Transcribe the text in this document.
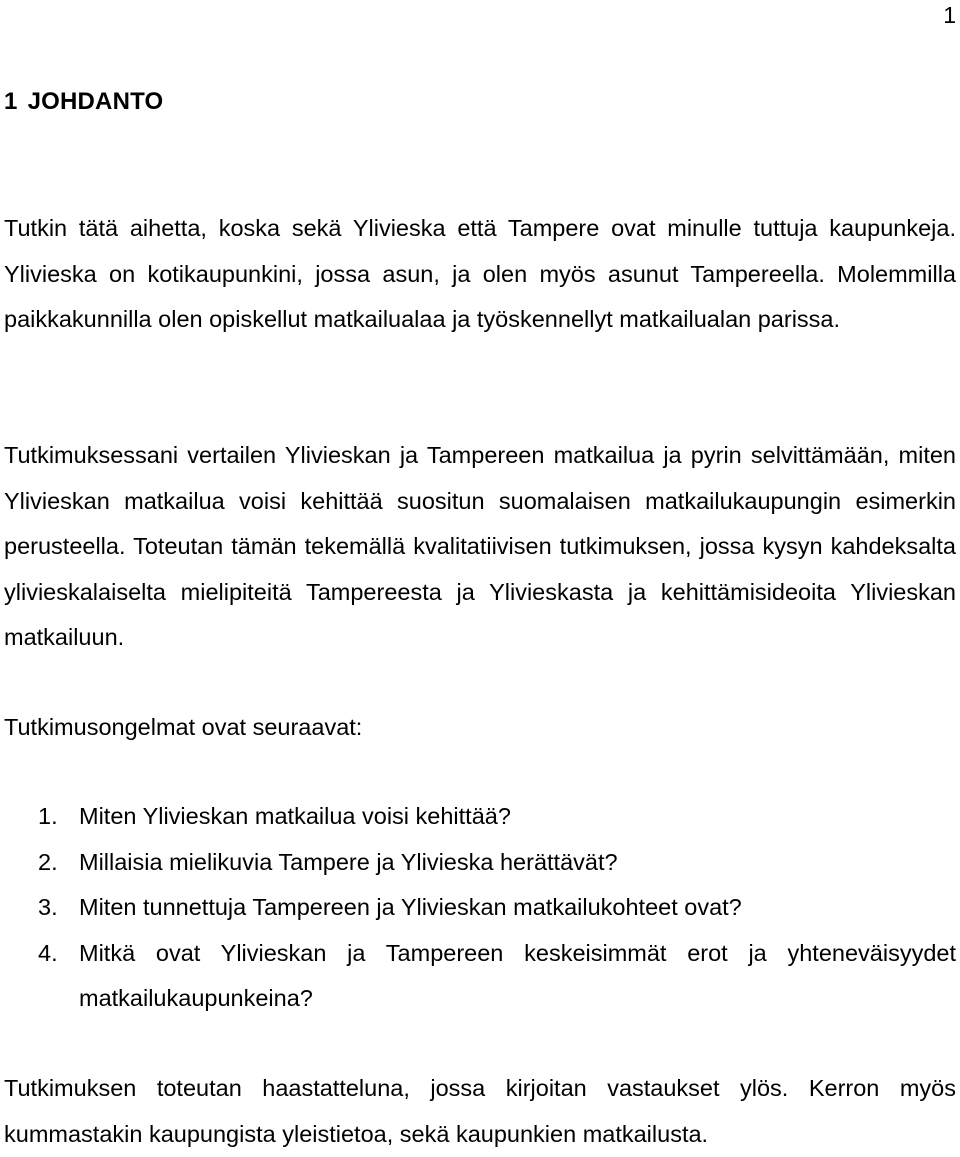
1
1 JOHDANTO

Tutkin tätä aihetta, koska sekä Ylivieska että Tampere ovat minulle tuttuja kaupunkeja. Ylivieska on kotikaupunkini, jossa asun, ja olen myös asunut Tampereella. Molemmilla paikkakunnilla olen opiskellut matkailualaa ja työskennellyt matkailualan parissa.

Tutkimuksessani vertailen Ylivieskan ja Tampereen matkailua ja pyrin selvittämään, miten Ylivieskan matkailua voisi kehittää suositun suomalaisen matkailukaupungin esimerkin perusteella. Toteutan tämän tekemällä kvalitatiivisen tutkimuksen, jossa kysyn kahdeksalta ylivieskalaiselta mielipiteitä Tampereesta ja Ylivieskasta ja kehittämisideoita Ylivieskan matkailuun.

Tutkimusongelmat ovat seuraavat:

1. Miten Ylivieskan matkailua voisi kehittää?
2. Millaisia mielikuvia Tampere ja Ylivieska herättävät?
3. Miten tunnettuja Tampereen ja Ylivieskan matkailukohteet ovat?
4. Mitkä ovat Ylivieskan ja Tampereen keskeisimmät erot ja yhteneväisyydet matkailukaupunkeina?

Tutkimuksen toteutan haastatteluna, jossa kirjoitan vastaukset ylös. Kerron myös kummastakin kaupungista yleistietoa, sekä kaupunkien matkailusta.
